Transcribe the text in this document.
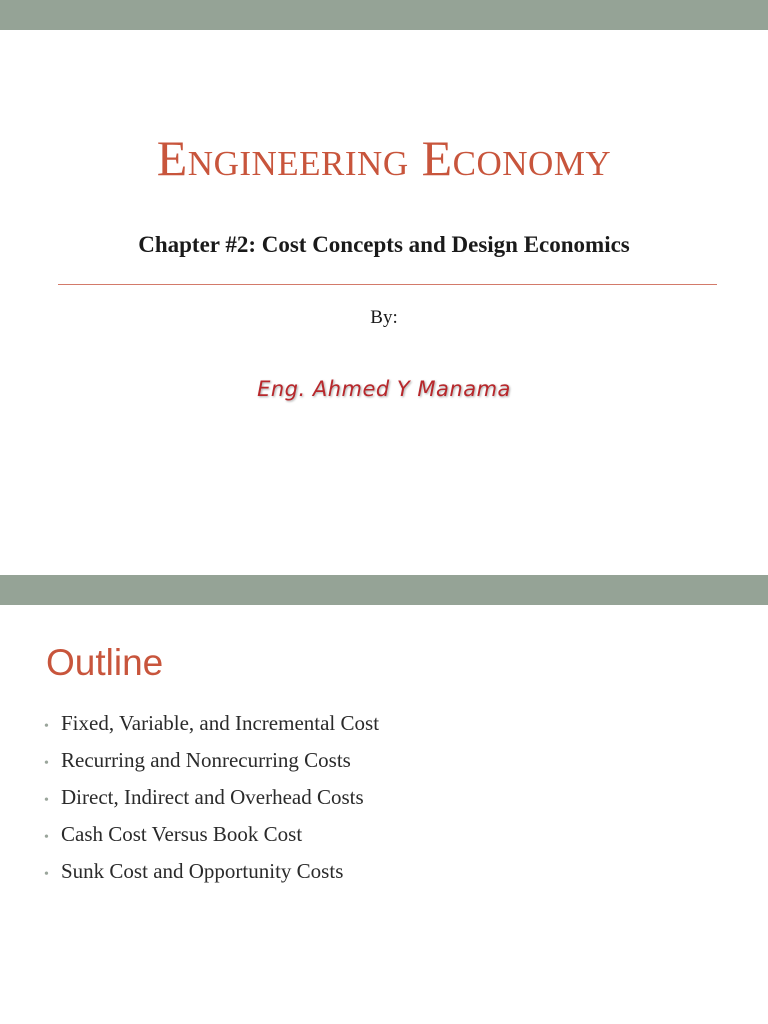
Engineering Economy
Chapter #2: Cost Concepts and Design Economics
By:
Eng. Ahmed Y Manama
Outline
• Fixed, Variable, and Incremental Cost
• Recurring and Nonrecurring Costs
• Direct, Indirect and Overhead Costs
• Cash Cost Versus Book Cost
• Sunk Cost and Opportunity Costs
